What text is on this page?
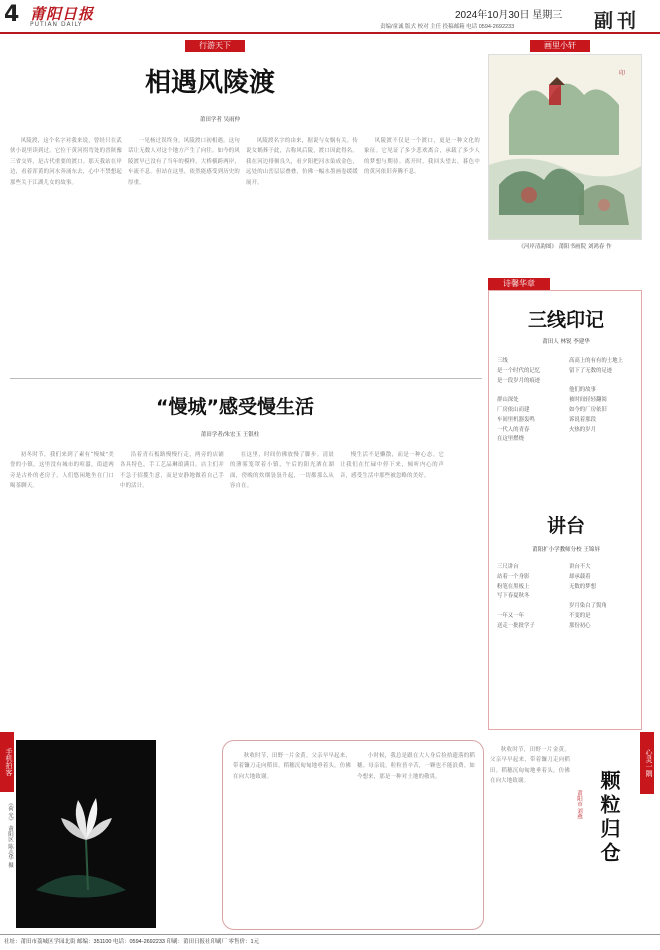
4 莆阳日报
PUTIAN DAILY
2024年10月30日 星期三
责编/童诚 版式 校对 主任 投稿邮箱 电话 0594-2692233	副刊
行游天下
相遇风陵渡
莆田学者 吴雨仲

风陵渡，这个名字对我来说，曾经只在武侠小说里读到过。它位于黄河拐弯处的晋陕豫三省交界，是古代重要的渡口。那天我站在岸边，看着浑黄的河水奔涌东去，心中不禁想起那些关于江湖儿女的故事。

一见杨过误终身，风陵渡口初相遇。这句话让无数人对这个地方产生了向往。如今的风陵渡早已没有了当年的模样，大桥横跨两岸，车流不息。但站在这里，依然能感受到历史的厚重。

风陵渡名字的由来，据说与女娲有关。传说女娲葬于此，古称风后陵，渡口因此得名。我在河边徘徊良久，看夕阳把河水染成金色，远处的山峦层层叠叠，仿佛一幅水墨画卷缓缓展开。

风陵渡不仅是一个渡口，更是一种文化的象征。它见证了多少悲欢离合，承载了多少人的梦想与期待。离开时，我回头望去，暮色中的黄河依旧奔腾不息。

画里小轩
印
《河岸清韵图》 莆阳书画院 刘鸿春 作
“慢城”感受慢生活
莆田学者/朱宏玉 王银柱

初冬时节，我们来到了素有“慢城”美誉的小镇。这里没有城市的喧嚣，街道两旁是古朴的老房子，人们悠闲地坐在门口喝茶聊天。

沿着青石板路慢慢行走，两旁的店铺各具特色，手工艺品琳琅满目。店主们并不急于招揽生意，而是安静地做着自己手中的活计。

在这里，时间仿佛放慢了脚步。清晨的薄雾笼罩着小镇，午后的阳光洒在湖面，傍晚的炊烟袅袅升起，一切都那么从容自在。

慢生活不是懒散，而是一种心态。它让我们在忙碌中停下来，倾听内心的声音，感受生活中那些被忽略的美好。

诗馨华章
三线印记
莆田人 林锐 李建华
三线
是一个时代的记忆
是一段岁月的痕迹

群山深处
厂房依山而建
车间里机器轰鸣
一代人的青春
在这里燃烧
高高上的有有的土地上
留下了无数的足迹

他们的故事
被时间轻轻翻阅
如今的厂房依旧
诉说着那段
火热的岁月
讲台
莆阳扩小学教师分校 王锦屏
三尺讲台
站着一个身影
粉笔在黑板上
写下春夏秋冬

一年又一年
送走一批批学子
讲台不大
却承载着
无数的梦想

岁月染白了鬓角
不变的是
那份初心
手机拍客
《荷 光》 莆阳区 陈志华 摄

秋收时节，田野一片金黄。父亲早早起来，带着镰刀走向稻田。稻穗沉甸甸地垂着头，仿佛在向大地致谢。

小时候，我总是跟在大人身后捡拾遗落的稻穗。母亲说，粒粒皆辛苦，一颗也不能浪费。如今想来，那是一种对土地的敬畏。

秋收时节，田野一片金黄。父亲早早起来，带着镰刀走向稻田。稻穗沉甸甸地垂着头，仿佛在向大地致谢。

心灵一隅
颗粒归仓
莆阳市 刘燕
社址：莆田市荔城区学园北街 邮编：351100 电话：0594-2692233 印刷：莆田日报社印刷厂 零售价：1元
